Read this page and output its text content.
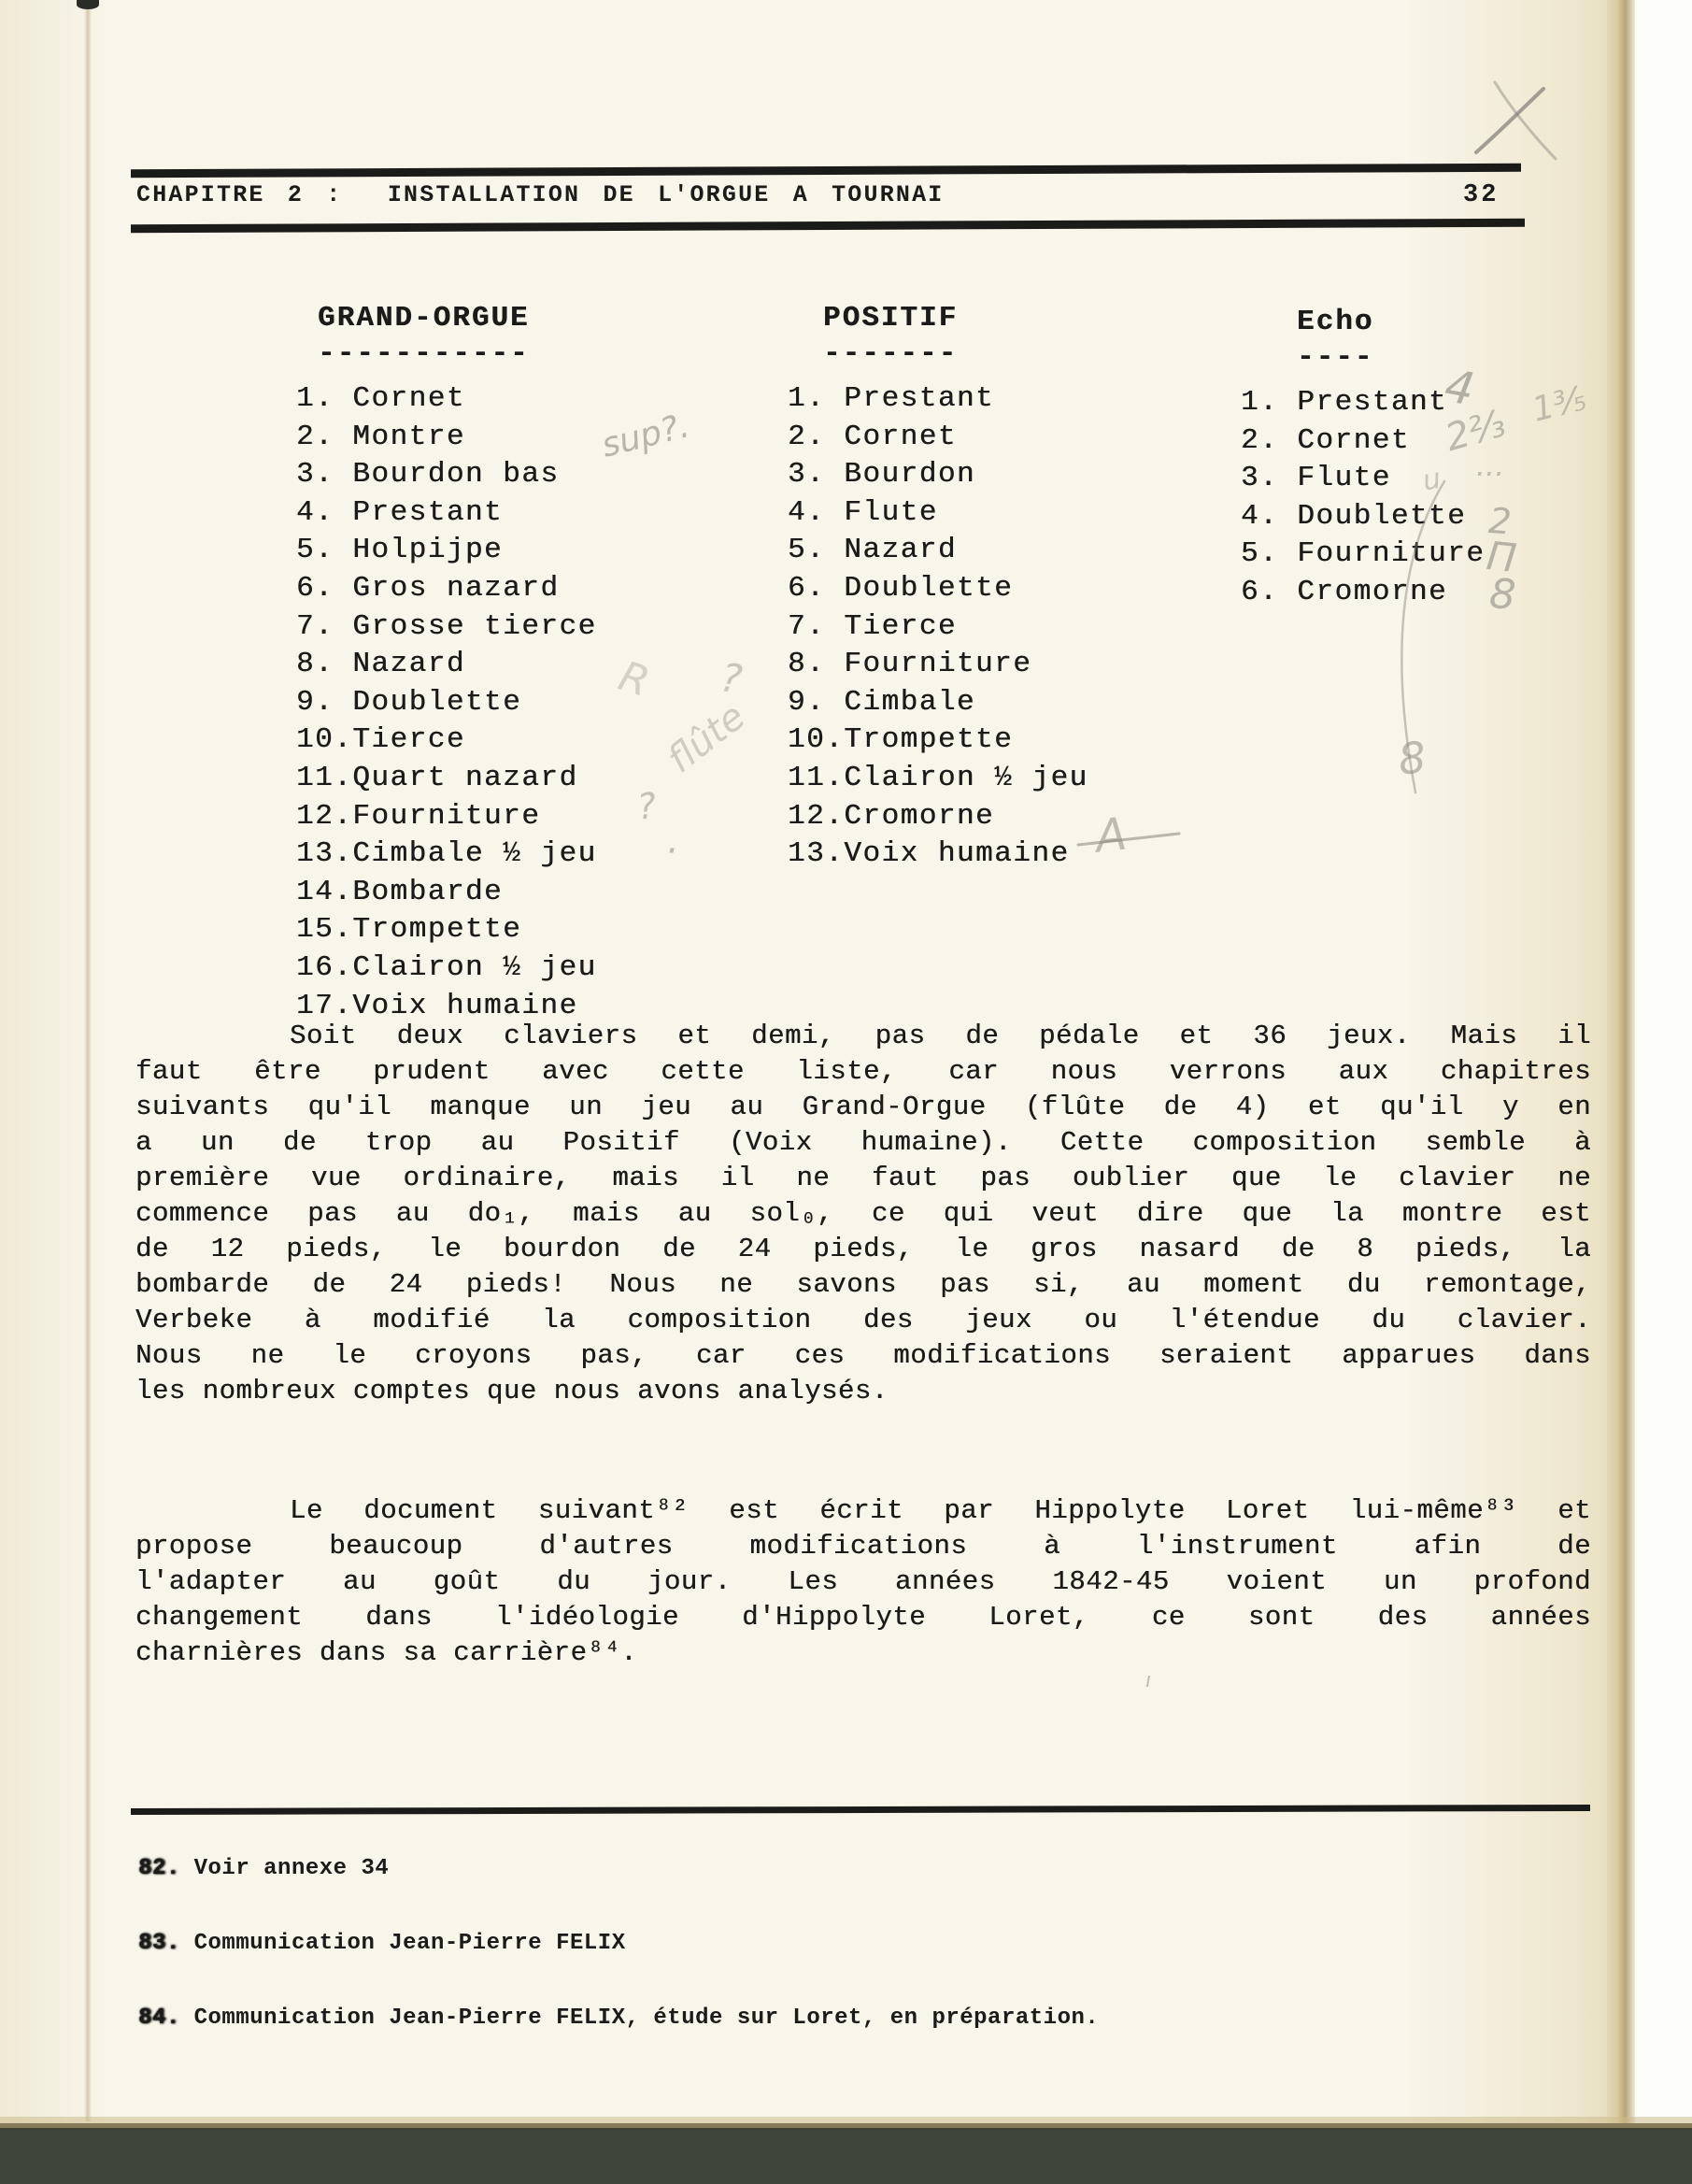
CHAPITRE 2 :  INSTALLATION DE L'ORGUE A TOURNAI	32
GRAND-ORGUE
-----------
1. Cornet
2. Montre
3. Bourdon bas
4. Prestant
5. Holpijpe
6. Gros nazard
7. Grosse tierce
8. Nazard
9. Doublette
10.Tierce
11.Quart nazard
12.Fourniture
13.Cimbale ½ jeu
14.Bombarde
15.Trompette
16.Clairon ½ jeu
17.Voix humaine
POSITIF
-------
1. Prestant
2. Cornet
3. Bourdon
4. Flute
5. Nazard
6. Doublette
7. Tierce
8. Fourniture
9. Cimbale
10.Trompette
11.Clairon ½ jeu
12.Cromorne
13.Voix humaine
Echo
----
1. Prestant
2. Cornet
3. Flute
4. Doublette
5. Fourniture
6. Cromorne
Soit deux claviers et demi, pas de pédale et 36 jeux. Mais il
faut être prudent avec cette liste, car nous verrons aux chapitres
suivants qu'il manque un jeu au Grand-Orgue (flûte de 4) et qu'il y en
a un de trop au Positif (Voix humaine). Cette composition semble à
première vue ordinaire, mais il ne faut pas oublier que le clavier ne
commence pas au do₁, mais au sol₀, ce qui veut dire que la montre est
de 12 pieds, le bourdon de 24 pieds, le gros nasard de 8 pieds, la
bombarde de 24 pieds! Nous ne savons pas si, au moment du remontage,
Verbeke à modifié la composition des jeux ou l'étendue du clavier.
Nous ne le croyons pas, car ces modifications seraient apparues dans
les nombreux comptes que nous avons analysés.
Le document suivant⁸² est écrit par Hippolyte Loret lui-même⁸³ et
propose beaucoup d'autres modifications à l'instrument afin de
l'adapter au goût du jour. Les années 1842-45 voient un profond
changement dans l'idéologie d'Hippolyte Loret, ce sont des années
charnières dans sa carrière⁸⁴.
82. Voir annexe 34
83. Communication Jean-Pierre FELIX
84. Communication Jean-Pierre FELIX, étude sur Loret, en préparation.
sup?.
R ?
flûte
?
·
4
2⅔ 1⅗
u ···
2
Π
8
8
A
ı
